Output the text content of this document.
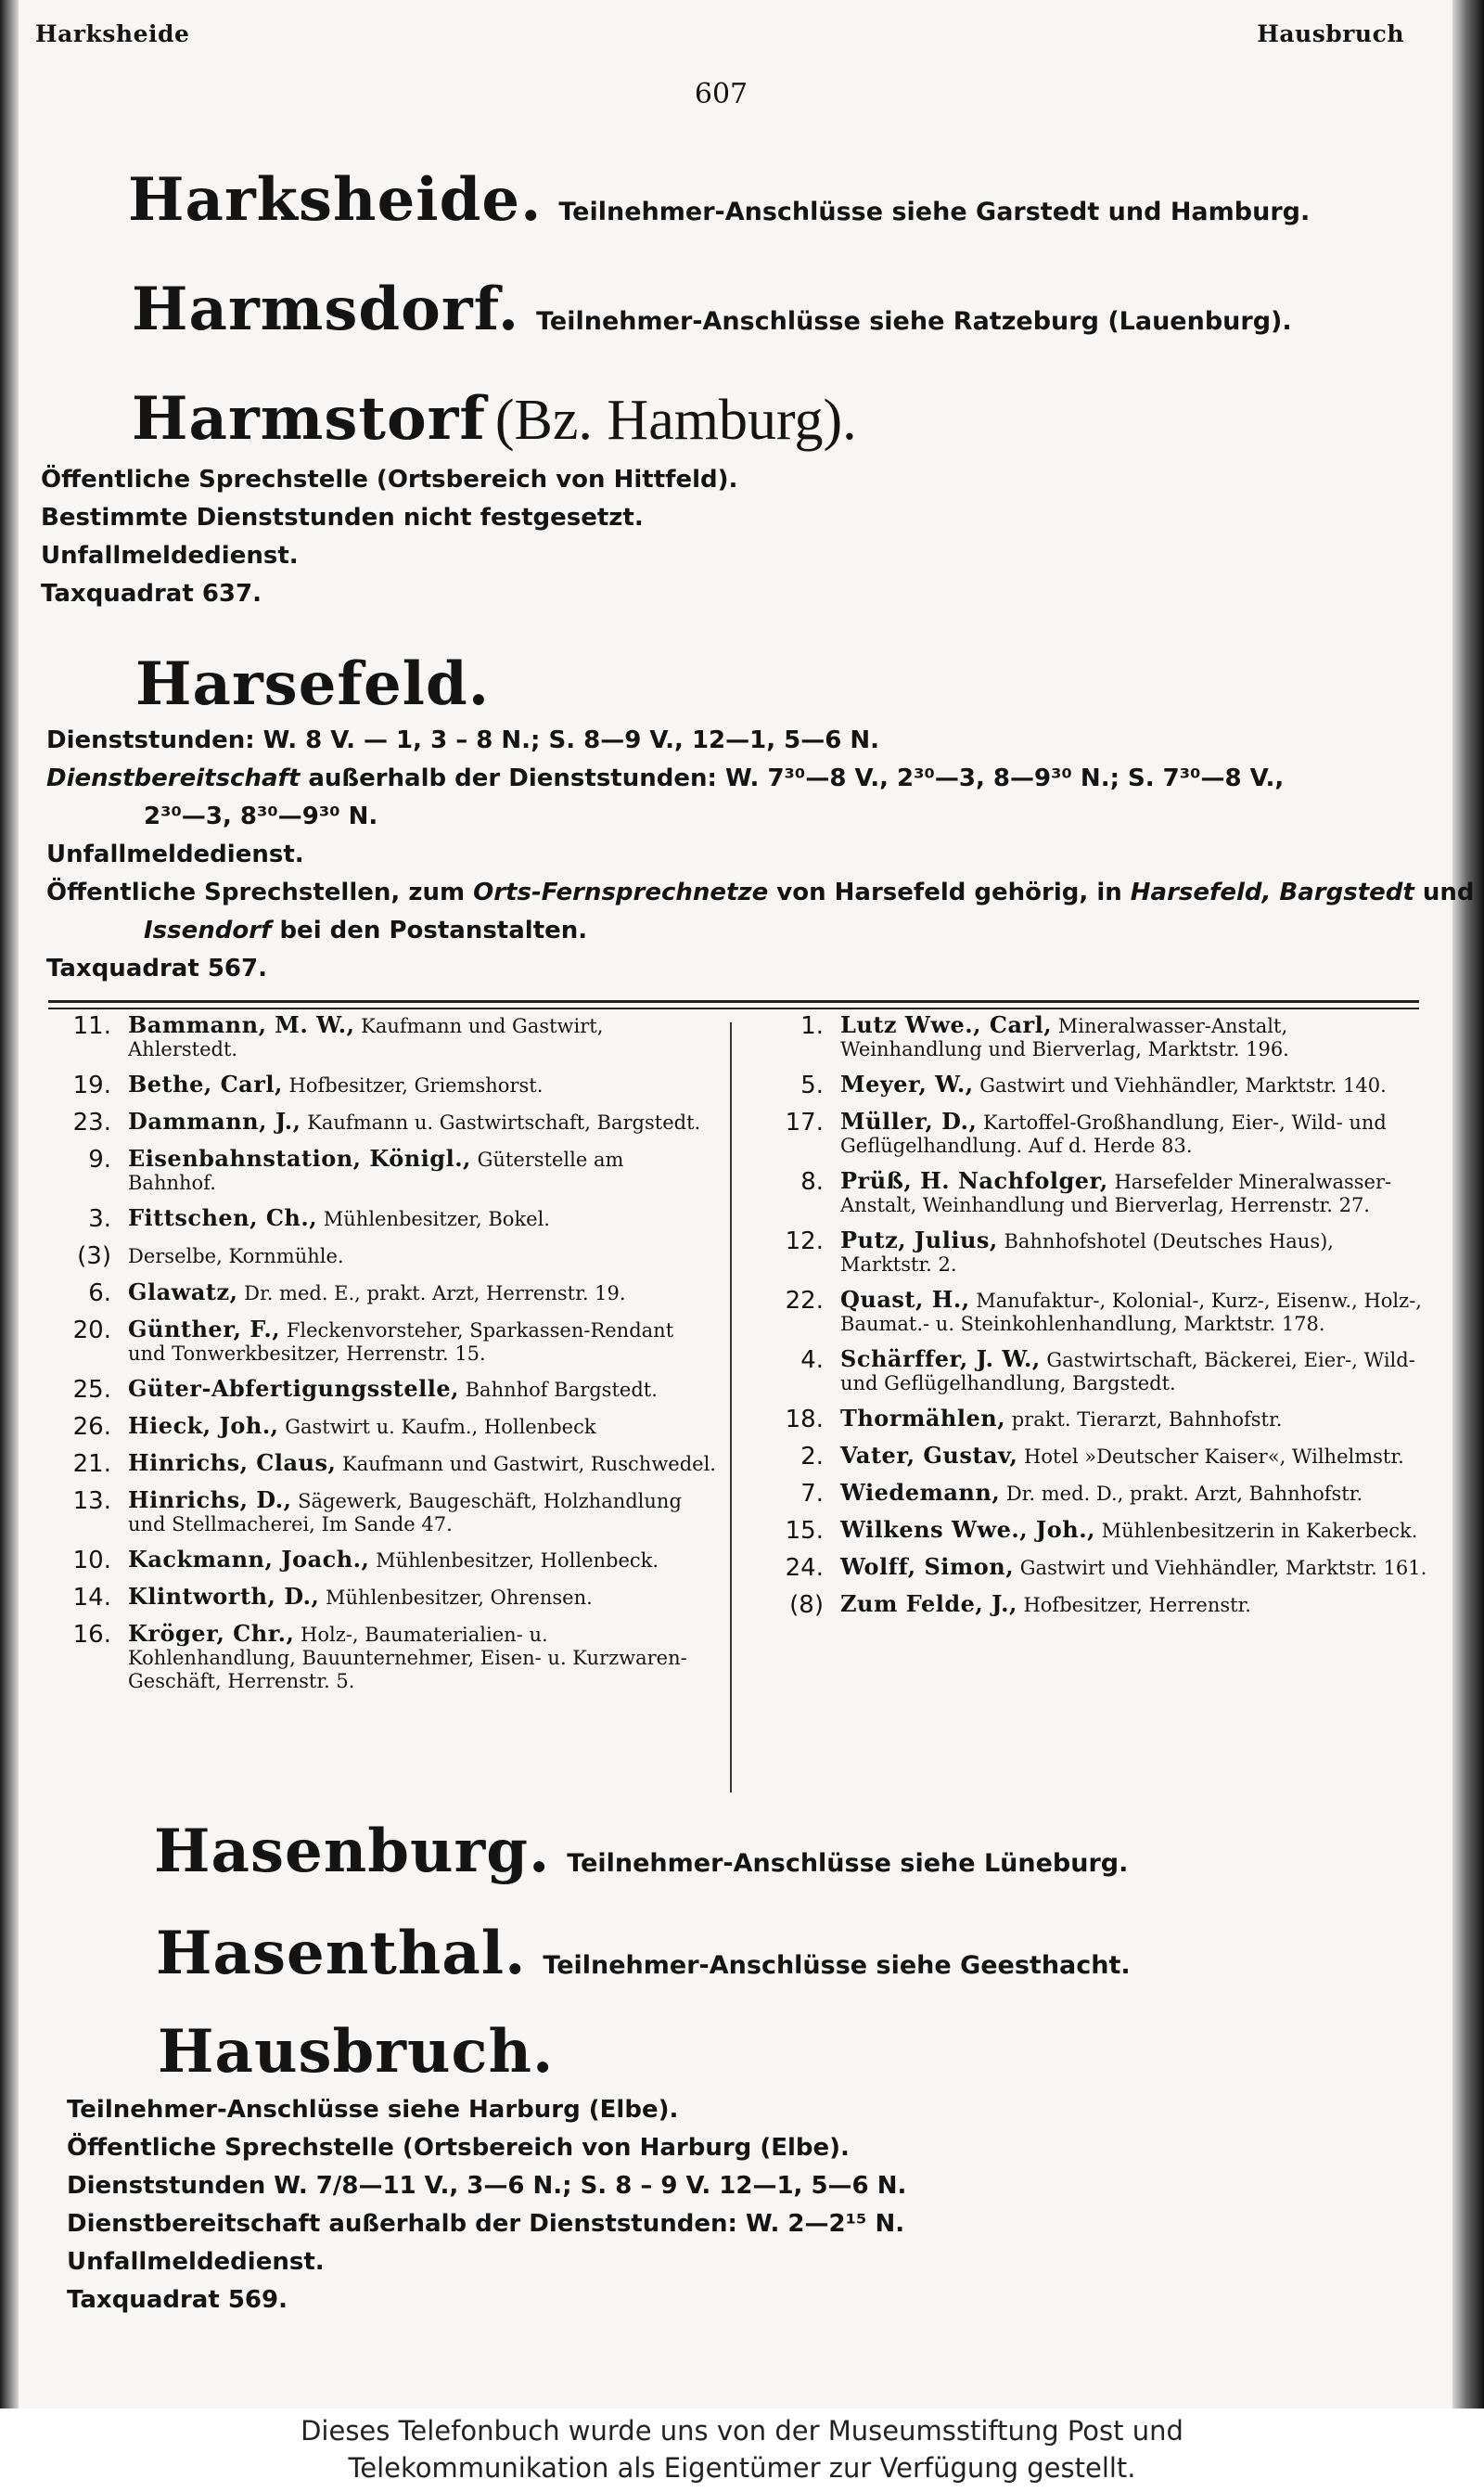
Harksheide	Hausbruch
607
Harksheide. Teilnehmer-Anschlüsse siehe Garstedt und Hamburg.
Harmsdorf. Teilnehmer-Anschlüsse siehe Ratzeburg (Lauenburg).
Harmstorf (Bz. Hamburg).
Öffentliche Sprechstelle (Ortsbereich von Hittfeld).
Bestimmte Dienststunden nicht festgesetzt.
Unfallmeldedienst.
Taxquadrat 637.
Harsefeld.
Dienststunden: W. 8 V. — 1, 3 – 8 N.; S. 8—9 V., 12—1, 5—6 N.
Dienstbereitschaft außerhalb der Dienststunden: W. 7³⁰—8 V., 2³⁰—3, 8—9³⁰ N.; S. 7³⁰—8 V.,
2³⁰—3, 8³⁰—9³⁰ N.
Unfallmeldedienst.
Öffentliche Sprechstellen, zum Orts-Fernsprechnetze von Harsefeld gehörig, in Harsefeld, Bargstedt und
Issendorf bei den Postanstalten.
Taxquadrat 567.
11. Bammann, M. W., Kaufmann und Gastwirt, Ahlerstedt.
19. Bethe, Carl, Hofbesitzer, Griemshorst.
23. Dammann, J., Kaufmann u. Gastwirtschaft, Bargstedt.
9. Eisenbahnstation, Königl., Güterstelle am Bahnhof.
3. Fittschen, Ch., Mühlenbesitzer, Bokel.
(3) Derselbe, Kornmühle.
6. Glawatz, Dr. med. E., prakt. Arzt, Herrenstr. 19.
20. Günther, F., Fleckenvorsteher, Sparkassen-Rendant und Tonwerkbesitzer, Herrenstr. 15.
25. Güter-Abfertigungsstelle, Bahnhof Bargstedt.
26. Hieck, Joh., Gastwirt u. Kaufm., Hollenbeck
21. Hinrichs, Claus, Kaufmann und Gastwirt, Ruschwedel.
13. Hinrichs, D., Sägewerk, Baugeschäft, Holzhandlung und Stellmacherei, Im Sande 47.
10. Kackmann, Joach., Mühlenbesitzer, Hollenbeck.
14. Klintworth, D., Mühlenbesitzer, Ohrensen.
16. Kröger, Chr., Holz-, Baumaterialien- u. Kohlenhandlung, Bauunternehmer, Eisen- u. Kurzwaren-Geschäft, Herrenstr. 5.
1. Lutz Wwe., Carl, Mineralwasser-Anstalt, Weinhandlung und Bierverlag, Marktstr. 196.
5. Meyer, W., Gastwirt und Viehhändler, Marktstr. 140.
17. Müller, D., Kartoffel-Großhandlung, Eier-, Wild- und Geflügelhandlung. Auf d. Herde 83.
8. Prüß, H. Nachfolger, Harsefelder Mineralwasser-Anstalt, Weinhandlung und Bierverlag, Herrenstr. 27.
12. Putz, Julius, Bahnhofshotel (Deutsches Haus), Marktstr. 2.
22. Quast, H., Manufaktur-, Kolonial-, Kurz-, Eisenw., Holz-, Baumat.- u. Steinkohlenhandlung, Marktstr. 178.
4. Schärffer, J. W., Gastwirtschaft, Bäckerei, Eier-, Wild- und Geflügelhandlung, Bargstedt.
18. Thormählen, prakt. Tierarzt, Bahnhofstr.
2. Vater, Gustav, Hotel »Deutscher Kaiser«, Wilhelmstr.
7. Wiedemann, Dr. med. D., prakt. Arzt, Bahnhofstr.
15. Wilkens Wwe., Joh., Mühlenbesitzerin in Kakerbeck.
24. Wolff, Simon, Gastwirt und Viehhändler, Marktstr. 161.
(8) Zum Felde, J., Hofbesitzer, Herrenstr.
Hasenburg. Teilnehmer-Anschlüsse siehe Lüneburg.
Hasenthal. Teilnehmer-Anschlüsse siehe Geesthacht.
Hausbruch.
Teilnehmer-Anschlüsse siehe Harburg (Elbe).
Öffentliche Sprechstelle (Ortsbereich von Harburg (Elbe).
Dienststunden W. 7/8—11 V., 3—6 N.; S. 8 – 9 V. 12—1, 5—6 N.
Dienstbereitschaft außerhalb der Dienststunden: W. 2—2¹⁵ N.
Unfallmeldedienst.
Taxquadrat 569.
Dieses Telefonbuch wurde uns von der Museumsstiftung Post und
Telekommunikation als Eigentümer zur Verfügung gestellt.
